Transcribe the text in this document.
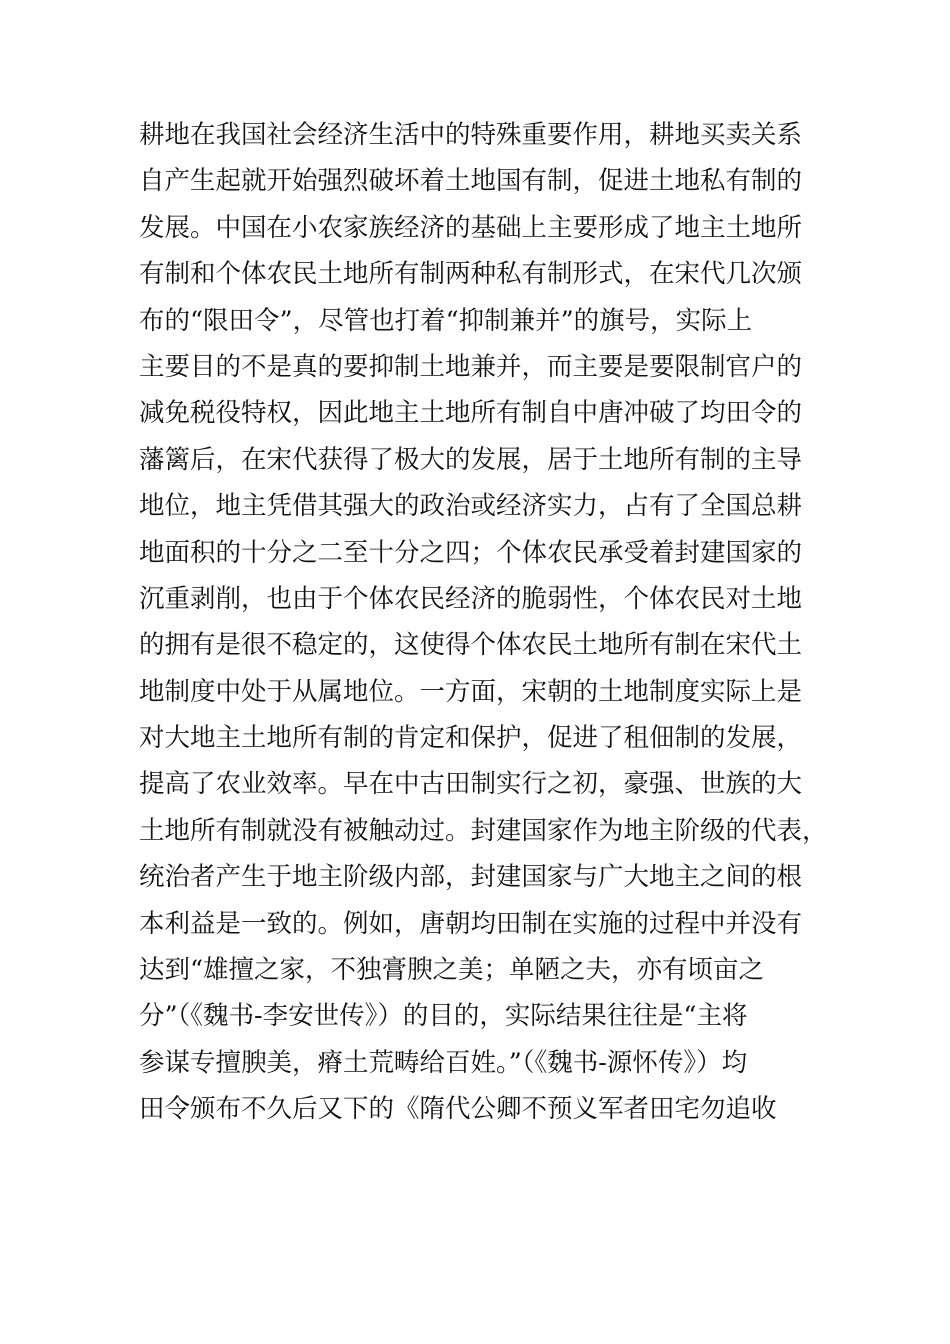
耕地在我国社会经济生活中的特殊重要作用，耕地买卖关系
自产生起就开始强烈破坏着土地国有制，促进土地私有制的
发展。中国在小农家族经济的基础上主要形成了地主土地所
有制和个体农民土地所有制两种私有制形式，在宋代几次颁
布的“限田令”，尽管也打着“抑制兼并”的旗号，实际上
主要目的不是真的要抑制土地兼并，而主要是要限制官户的
减免税役特权，因此地主土地所有制自中唐冲破了均田令的
藩篱后，在宋代获得了极大的发展，居于土地所有制的主导
地位，地主凭借其强大的政治或经济实力，占有了全国总耕
地面积的十分之二至十分之四；个体农民承受着封建国家的
沉重剥削，也由于个体农民经济的脆弱性，个体农民对土地
的拥有是很不稳定的，这使得个体农民土地所有制在宋代土
地制度中处于从属地位。一方面，宋朝的土地制度实际上是
对大地主土地所有制的肯定和保护，促进了租佃制的发展，
提高了农业效率。早在中古田制实行之初，豪强、世族的大
土地所有制就没有被触动过。封建国家作为地主阶级的代表，
统治者产生于地主阶级内部，封建国家与广大地主之间的根
本利益是一致的。例如，唐朝均田制在实施的过程中并没有
达到“雄擅之家，不独膏腴之美；单陋之夫，亦有顷亩之
分”（《魏书-李安世传》）的目的，实际结果往往是“主将
参谋专擅腴美，瘠土荒畴给百姓。”（《魏书-源怀传》）均
田令颁布不久后又下的《隋代公卿不预义军者田宅勿追收
